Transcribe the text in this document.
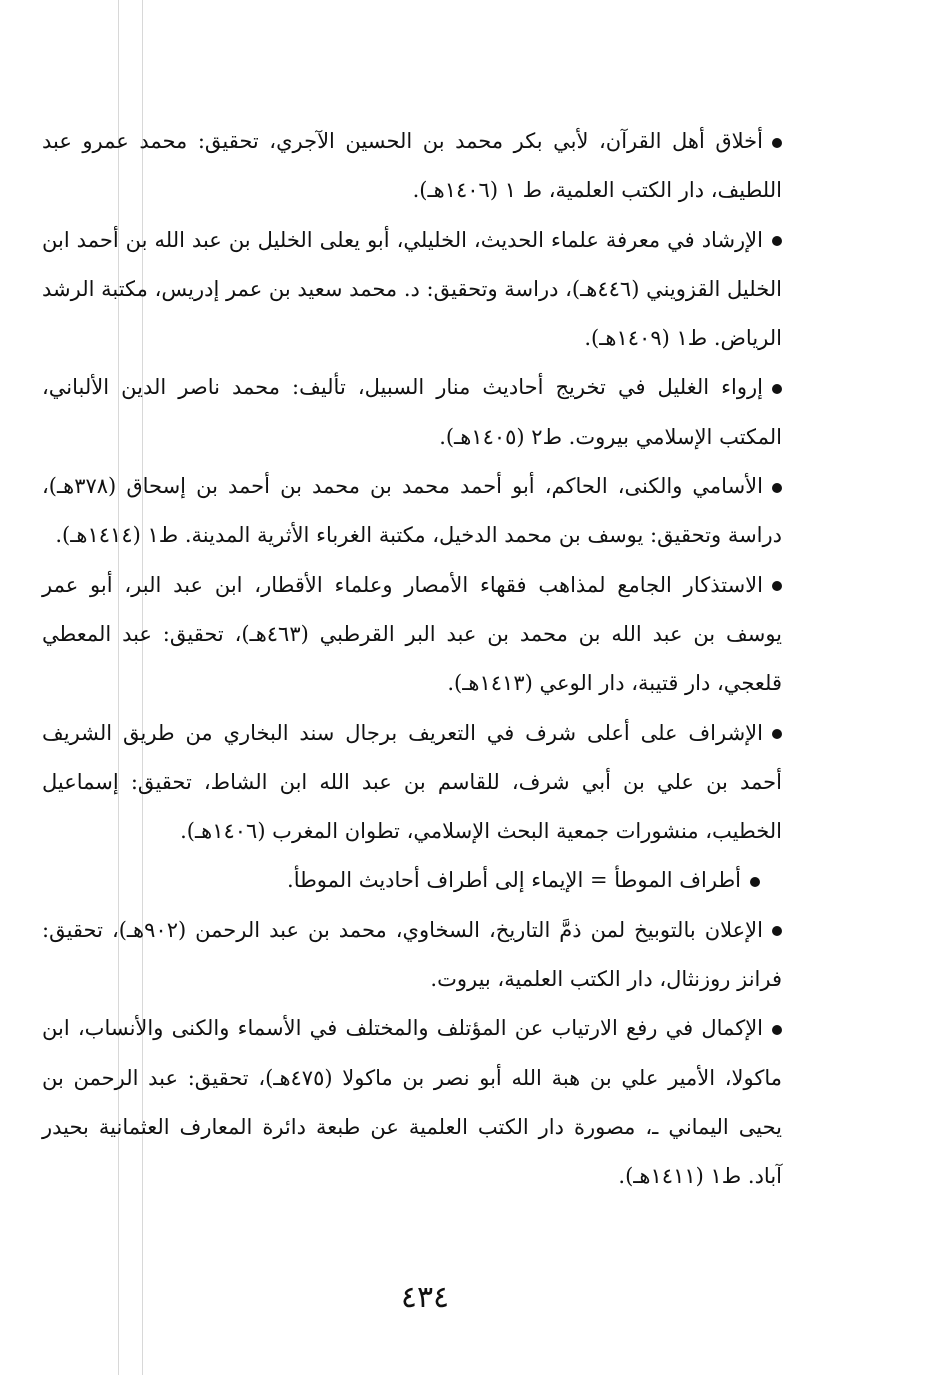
أخلاق أهل القرآن، لأبي بكر محمد بن الحسين الآجري، تحقيق: محمد عمرو عبد اللطيف، دار الكتب العلمية، ط ١ (١٤٠٦هـ).

الإرشاد في معرفة علماء الحديث، الخليلي، أبو يعلى الخليل بن عبد الله بن أحمد ابن الخليل القزويني (٤٤٦هـ)، دراسة وتحقيق: د. محمد سعيد بن عمر إدريس، مكتبة الرشد الرياض. ط١ (١٤٠٩هـ).

إرواء الغليل في تخريج أحاديث منار السبيل، تأليف: محمد ناصر الدين الألباني، المكتب الإسلامي بيروت. ط٢ (١٤٠٥هـ).

الأسامي والكنى، الحاكم، أبو أحمد محمد بن محمد بن أحمد بن إسحاق (٣٧٨هـ)، دراسة وتحقيق: يوسف بن محمد الدخيل، مكتبة الغرباء الأثرية المدينة. ط١ (١٤١٤هـ).

الاستذكار الجامع لمذاهب فقهاء الأمصار وعلماء الأقطار، ابن عبد البر، أبو عمر يوسف بن عبد الله بن محمد بن عبد البر القرطبي (٤٦٣هـ)، تحقيق: عبد المعطي قلعجي، دار قتيبة، دار الوعي (١٤١٣هـ).

الإشراف على أعلى شرف في التعريف برجال سند البخاري من طريق الشريف أحمد بن علي بن أبي شرف، للقاسم بن عبد الله ابن الشاط، تحقيق: إسماعيل الخطيب، منشورات جمعية البحث الإسلامي، تطوان المغرب (١٤٠٦هـ).

أطراف الموطأ = الإيماء إلى أطراف أحاديث الموطأ.

الإعلان بالتوبيخ لمن ذمَّ التاريخ، السخاوي، محمد بن عبد الرحمن (٩٠٢هـ)، تحقيق: فرانز روزنثال، دار الكتب العلمية، بيروت.

الإكمال في رفع الارتياب عن المؤتلف والمختلف في الأسماء والكنى والأنساب، ابن ماكولا، الأمير علي بن هبة الله أبو نصر بن ماكولا (٤٧٥هـ)، تحقيق: عبد الرحمن بن يحيى اليماني ـ، مصورة دار الكتب العلمية عن طبعة دائرة المعارف العثمانية بحيدر آباد. ط١ (١٤١١هـ).

٤٣٤
